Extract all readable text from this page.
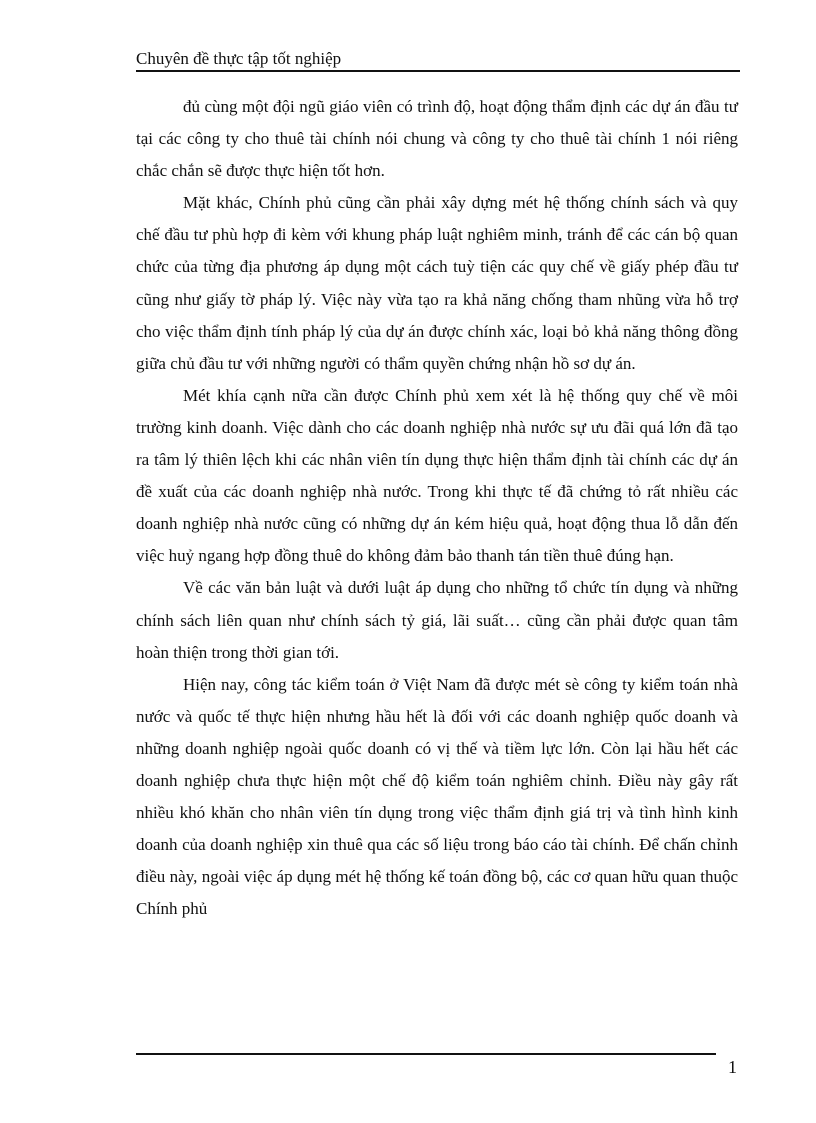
Chuyên đề thực tập tốt nghiệp

đủ cùng một đội ngũ giáo viên có trình độ, hoạt động thẩm định các dự án đầu tư tại các công ty cho thuê tài chính nói chung và công ty cho thuê tài chính 1 nói riêng chắc chắn sẽ được thực hiện tốt hơn.

Mặt khác, Chính phủ cũng cần phải xây dựng mét hệ thống chính sách và quy chế đầu tư phù hợp đi kèm với khung pháp luật nghiêm minh, tránh để các cán bộ quan chức của từng địa phương áp dụng một cách tuỳ tiện các quy chế về giấy phép đầu tư cũng như giấy tờ pháp lý. Việc này vừa tạo ra khả năng chống tham nhũng vừa hỗ trợ cho việc thẩm định tính pháp lý của dự án được chính xác, loại bỏ khả năng thông đồng giữa chủ đầu tư với những người có thẩm quyền chứng nhận hồ sơ dự án.

Mét khía cạnh nữa cần được Chính phủ xem xét là hệ thống quy chế về môi trường kinh doanh. Việc dành cho các doanh nghiệp nhà nước sự ưu đãi quá lớn đã tạo ra tâm lý thiên lệch khi các nhân viên tín dụng thực hiện thẩm định tài chính các dự án đề xuất của các doanh nghiệp nhà nước. Trong khi thực tế đã chứng tỏ rất nhiều các doanh nghiệp nhà nước cũng có những dự án kém hiệu quả, hoạt động thua lỗ dẫn đến việc huỷ ngang hợp đồng thuê do không đảm bảo thanh tán tiền thuê đúng hạn.

Về các văn bản luật và dưới luật áp dụng cho những tổ chức tín dụng và những chính sách liên quan như chính sách tỷ giá, lãi suất… cũng cần phải được quan tâm hoàn thiện trong thời gian tới.

Hiện nay, công tác kiểm toán ở Việt Nam đã được mét sè công ty kiểm toán nhà nước và quốc tế thực hiện nhưng hầu hết là đối với các doanh nghiệp quốc doanh và những doanh nghiệp ngoài quốc doanh có vị thế và tiềm lực lớn. Còn lại hầu hết các doanh nghiệp chưa thực hiện một chế độ kiểm toán nghiêm chỉnh. Điều này gây rất nhiều khó khăn cho nhân viên tín dụng trong việc thẩm định giá trị và tình hình kinh doanh của doanh nghiệp xin thuê qua các số liệu trong báo cáo tài chính. Để chấn chỉnh điều này, ngoài việc áp dụng mét hệ thống kế toán đồng bộ, các cơ quan hữu quan thuộc Chính phủ

1
